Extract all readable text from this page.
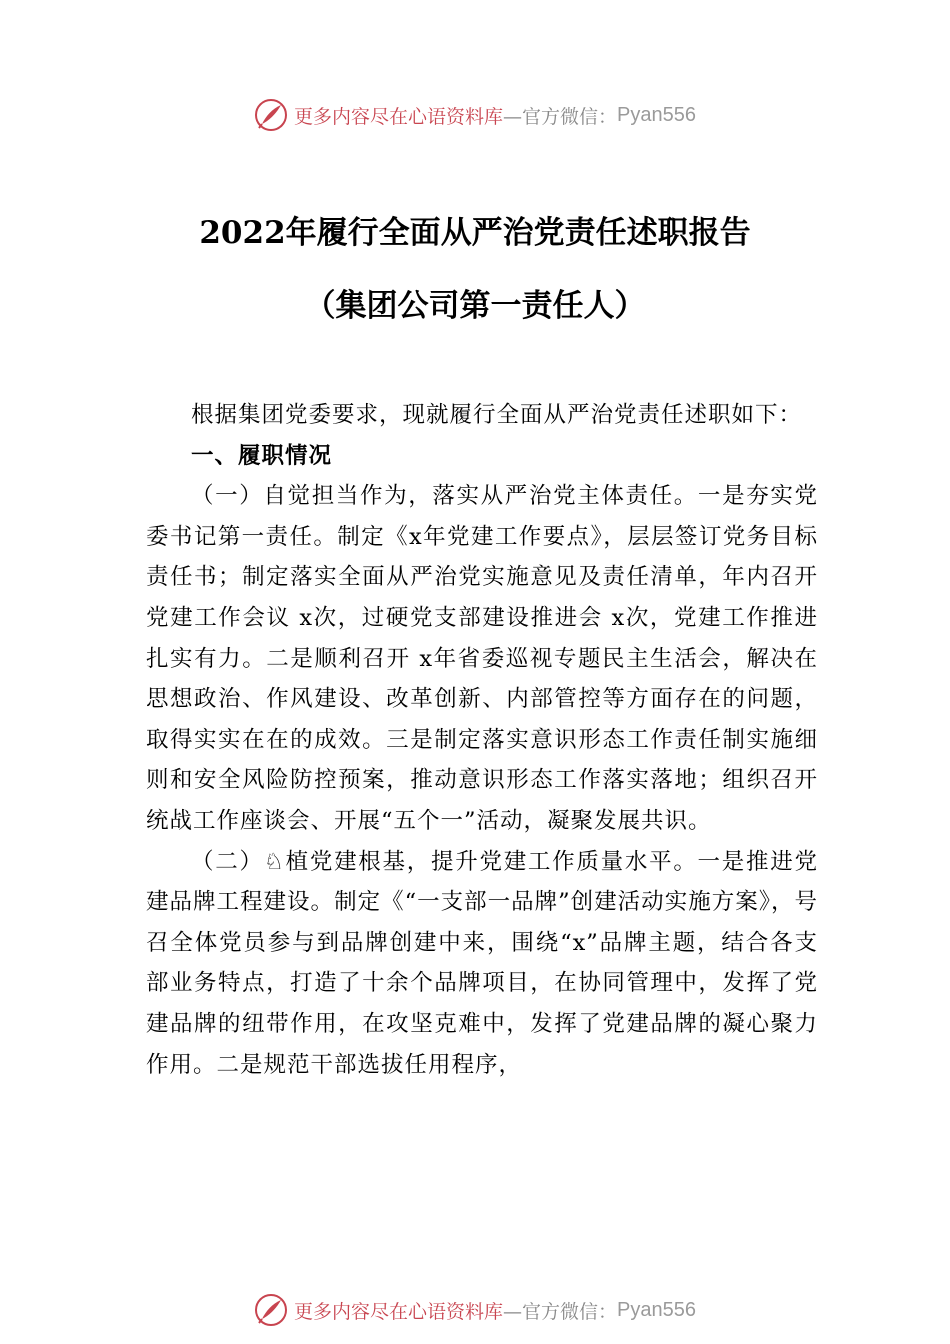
更多内容尽在心语资料库 —官方微信： Pyan556
2022年履行全面从严治党责任述职报告
（集团公司第一责任人）

根据集团党委要求，现就履行全面从严治党责任述职如下：

一、履职情况

（一）自觉担当作为，落实从严治党主体责任。一是夯实党委书记第一责任。制定《x年党建工作要点》，层层签订党务目标责任书；制定落实全面从严治党实施意见及责任清单，年内召开党建工作会议 x次，过硬党支部建设推进会 x次，党建工作推进扎实有力。二是顺利召开 x年省委巡视专题民主生活会，解决在思想政治、作风建设、改革创新、内部管控等方面存在的问题，取得实实在在的成效。三是制定落实意识形态工作责任制实施细则和安全风险防控预案，推动意识形态工作落实落地；组织召开统战工作座谈会、开展“五个一”活动，凝聚发展共识。

（二）♘植党建根基，提升党建工作质量水平。一是推进党建品牌工程建设。制定《“一支部一品牌”创建活动实施方案》，号召全体党员参与到品牌创建中来，围绕“x”品牌主题，结合各支部业务特点，打造了十余个品牌项目，在协同管理中，发挥了党建品牌的纽带作用，在攻坚克难中，发挥了党建品牌的凝心聚力作用。二是规范干部选拔任用程序，

更多内容尽在心语资料库 —官方微信： Pyan556
